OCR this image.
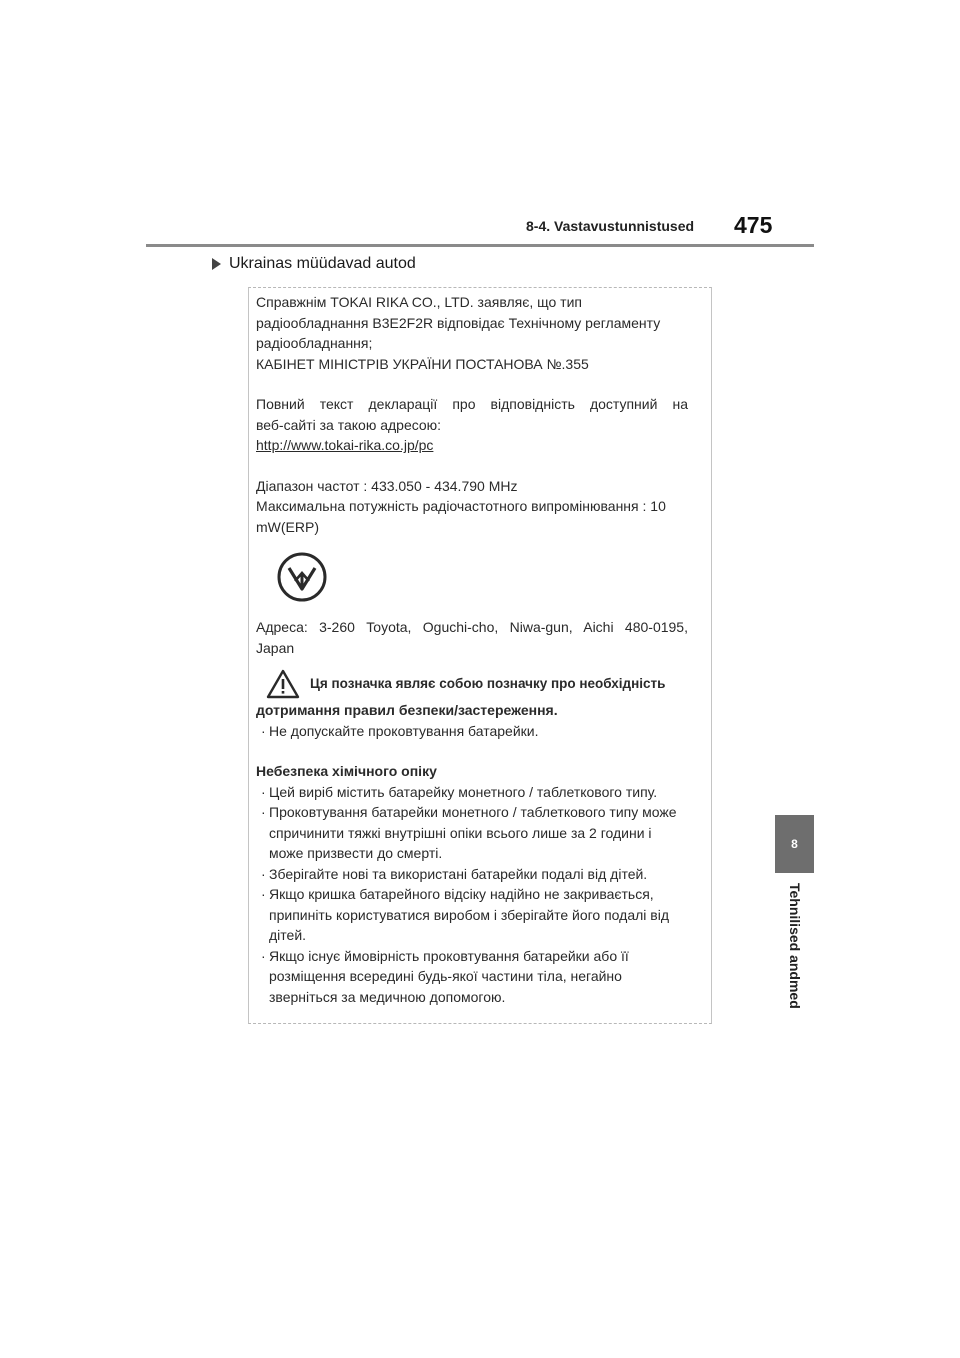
8-4. Vastavustunnistused 475
Ukrainas müüdavad autod
8
Tehnilised andmed

Справжнім TOKAI RIKA CO., LTD. заявляє, що тип

радіообладнання B3E2F2R відповідає Технічному регламенту

радіообладнання;

КАБІНЕТ МІНІСТРІВ УКРАЇНИ ПОСТАНОВА №.355

Повний текст декларації про відповідність доступний на

веб-сайті за такою адресою:

http://www.tokai-rika.co.jp/pc

Діапазон частот : 433.050 - 434.790 MHz

Максимальна потужність радіочастотного випромінювання : 10

mW(ERP)

Адреса: 3-260 Toyota, Oguchi-cho, Niwa-gun, Aichi 480-0195,

Japan

Ця позначка являє собою позначку про необхідність

дотримання правил безпеки/застереження.

· Не допускайте проковтування батарейки.

Небезпека хімічного опіку

· Цей виріб містить батарейку монетного / таблеткового типу.

· Проковтування батарейки монетного / таблеткового типу може

спричинити тяжкі внутрішні опіки всього лише за 2 години і

може призвести до смерті.

· Зберігайте нові та використані батарейки подалі від дітей.

· Якщо кришка батарейного відсіку надійно не закривається,

припиніть користуватися виробом і зберігайте його подалі від

дітей.

· Якщо існує ймовірність проковтування батарейки або її

розміщення всередині будь-якої частини тіла, негайно

зверніться за медичною допомогою.
